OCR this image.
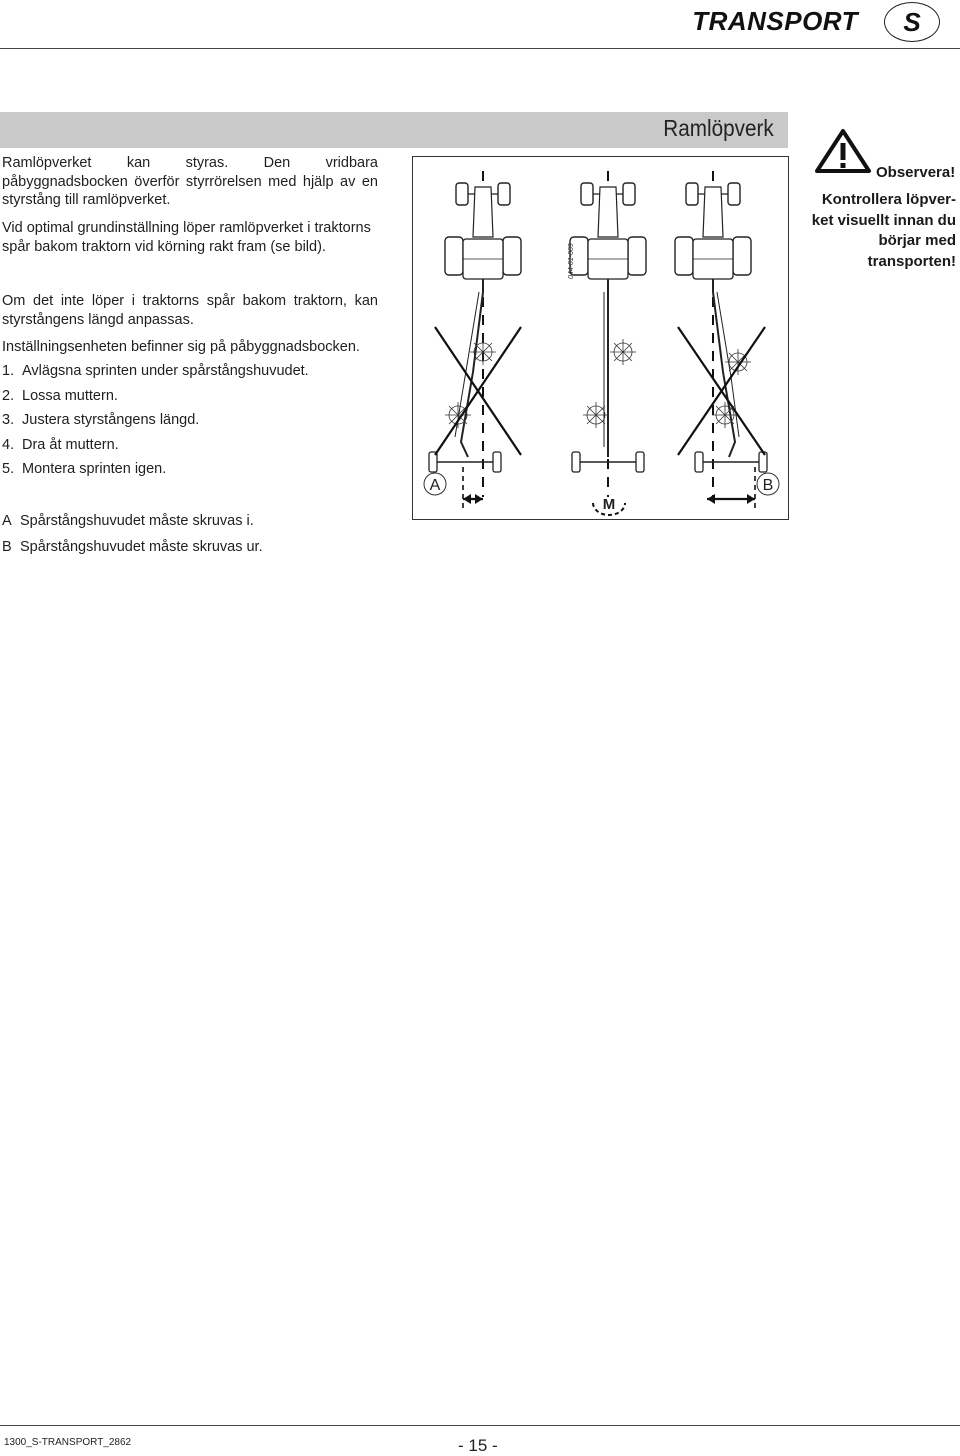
TRANSPORT	S
Ramlöpverk
Ramlöpverket kan styras. Den vridbara påbyggnadsbocken överför styrrörelsen med hjälp av en styrstång till ramlöpverket.
Vid optimal grundinställning löper ramlöpverket i traktorns spår bakom traktorn vid körning rakt fram (se bild).
Om det inte löper i traktorns spår bakom traktorn, kan styrstångens längd anpassas.
Inställningsenheten befinner sig på påbyggnadsbocken.
1. Avlägsna sprinten under spårstångshuvudet.
2. Lossa muttern.
3. Justera styrstångens längd.
4. Dra åt muttern.
5. Montera sprinten igen.
A Spårstångshuvudet måste skruvas i.
B Spårstångshuvudet måste skruvas ur.
A
M
B
044-01-009
Observera!
Kontrollera löpver-ket visuellt innan du börjar med transporten!
1300_S-TRANSPORT_2862	- 15 -
